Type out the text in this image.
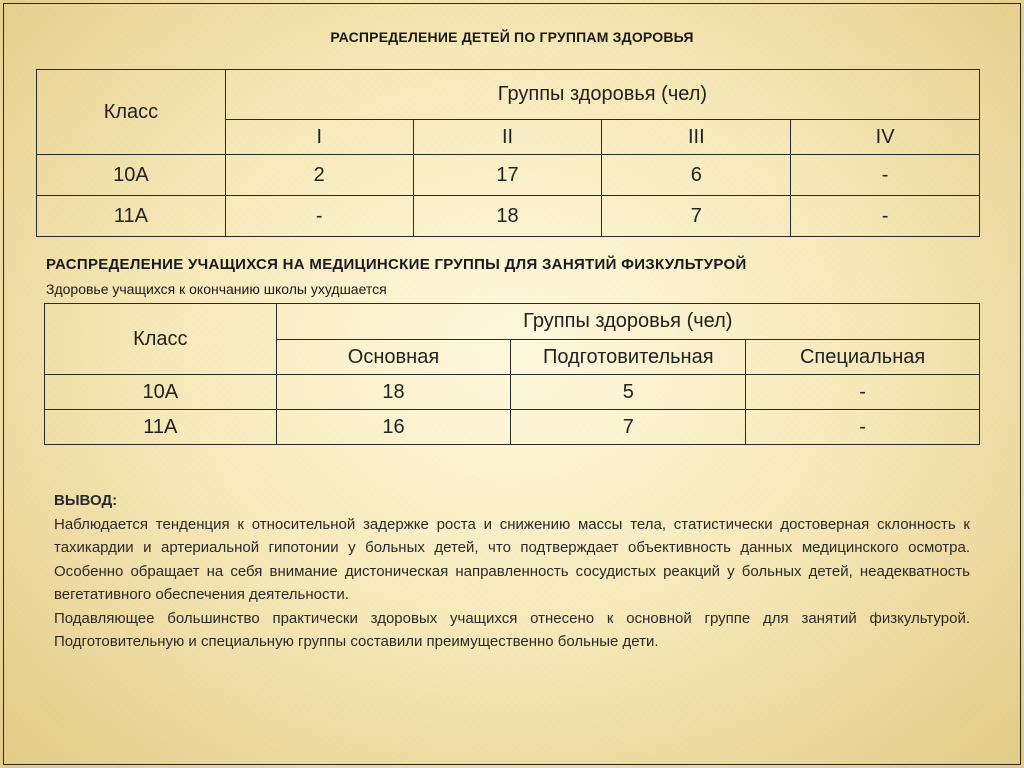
РАСПРЕДЕЛЕНИЕ ДЕТЕЙ ПО ГРУППАМ ЗДОРОВЬЯ
Класс	Группы здоровья (чел)			
	I	II	III	IV
10А	2	17	6	-
11А	-	18	7	-
РАСПРЕДЕЛЕНИЕ УЧАЩИХСЯ НА МЕДИЦИНСКИЕ ГРУППЫ ДЛЯ ЗАНЯТИЙ ФИЗКУЛЬТУРОЙ
Здоровье учащихся к окончанию школы ухудшается
Класс	Группы здоровья (чел)		
	Основная	Подготовительная	Специальная
10А	18	5	-
11А	16	7	-
ВЫВОД:

Наблюдается тенденция к относительной задержке роста и снижению массы тела, статистически достоверная склонность к тахикардии и артериальной гипотонии у больных детей, что подтверждает объективность данных медицинского осмотра. Особенно обращает на себя внимание дистоническая направленность сосудистых реакций у больных детей, неадекватность вегетативного обеспечения деятельности.

Подавляющее большинство практически здоровых учащихся отнесено к основной группе для занятий физкультурой. Подготовительную и специальную группы составили преимущественно больные дети.
